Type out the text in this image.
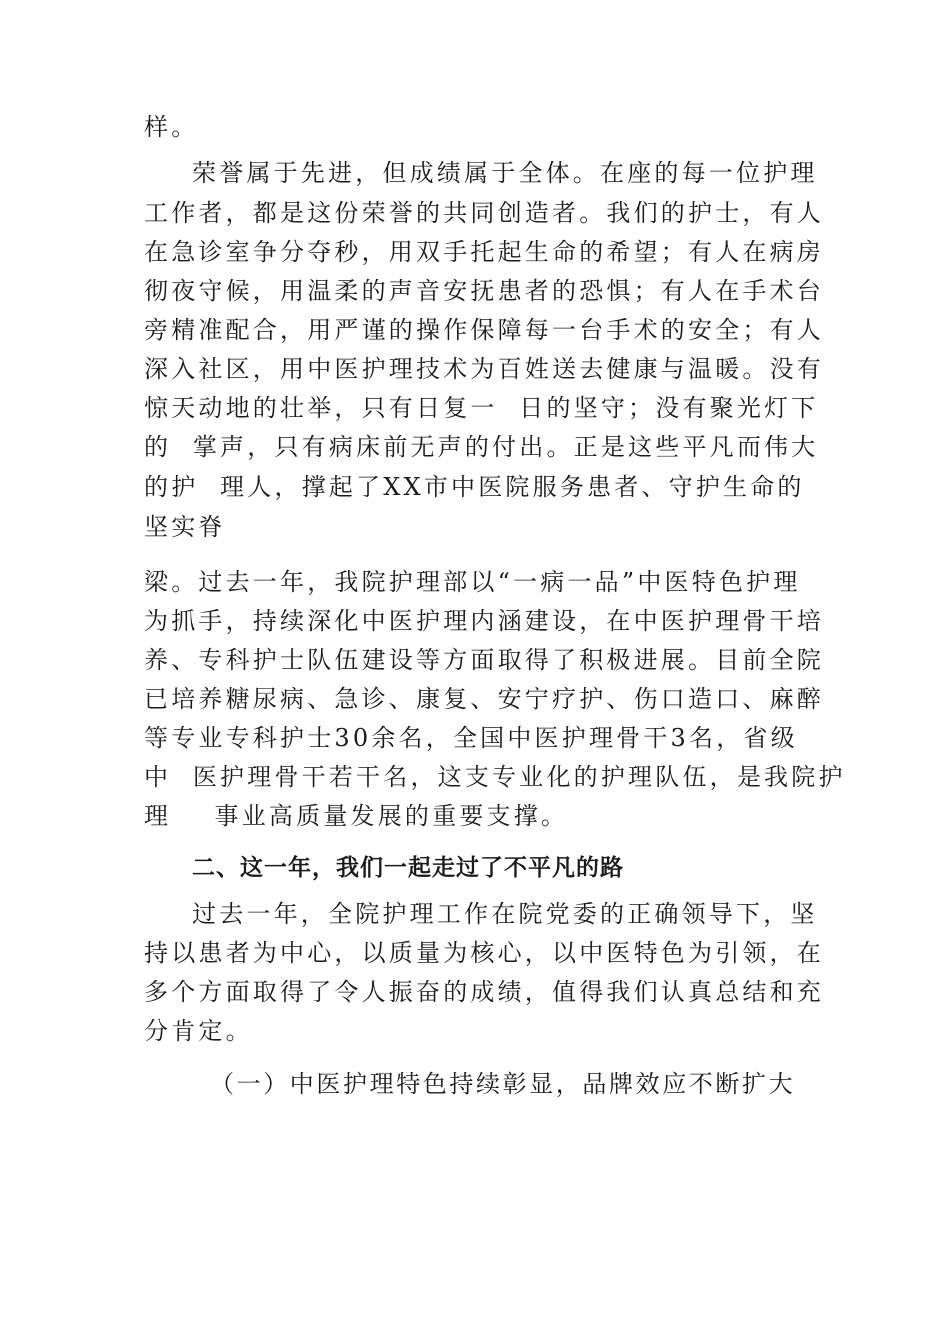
样。
荣誉属于先进，但成绩属于全体。在座的每一位护理
工作者，都是这份荣誉的共同创造者。我们的护士，有人
在急诊室争分夺秒，用双手托起生命的希望；有人在病房
彻夜守候，用温柔的声音安抚患者的恐惧；有人在手术台
旁精准配合，用严谨的操作保障每一台手术的安全；有人
深入社区，用中医护理技术为百姓送去健康与温暖。没有
惊天动地的壮举，只有日复一  日的坚守；没有聚光灯下
的  掌声，只有病床前无声的付出。正是这些平凡而伟大
的护  理人，撑起了XX市中医院服务患者、守护生命的
坚实脊
梁。过去一年，我院护理部以“一病一品”中医特色护理
为抓手，持续深化中医护理内涵建设，在中医护理骨干培
养、专科护士队伍建设等方面取得了积极进展。目前全院
已培养糖尿病、急诊、康复、安宁疗护、伤口造口、麻醉
等专业专科护士30余名，全国中医护理骨干3名，省级
中  医护理骨干若干名，这支专业化的护理队伍，是我院护
理    事业高质量发展的重要支撑。
二、这一年，我们一起走过了不平凡的路
过去一年，全院护理工作在院党委的正确领导下，坚
持以患者为中心，以质量为核心，以中医特色为引领，在
多个方面取得了令人振奋的成绩，值得我们认真总结和充
分肯定。
（一）中医护理特色持续彰显，品牌效应不断扩大
